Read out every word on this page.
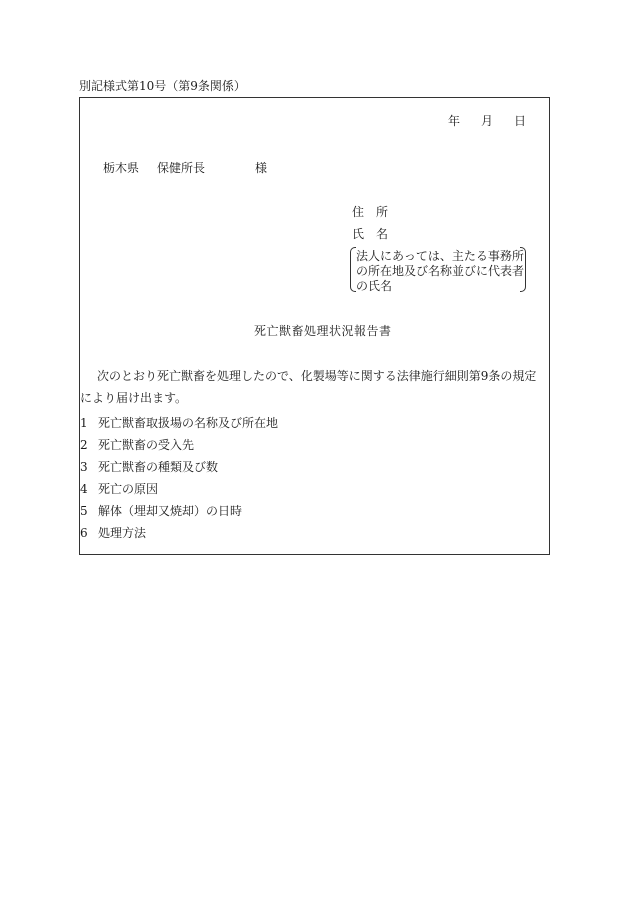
別記様式第10号（第9条関係）
年 月 日
栃木県 保健所長	様
住　所
氏　名
法人にあっては、主たる事務所
の所在地及び名称並びに代表者
の氏名
死亡獣畜処理状況報告書
次のとおり死亡獣畜を処理したので、化製場等に関する法律施行細則第9条の規定
により届け出ます。
1 死亡獣畜取扱場の名称及び所在地
2 死亡獣畜の受入先
3 死亡獣畜の種類及び数
4 死亡の原因
5 解体（埋却又焼却）の日時
6 処理方法
